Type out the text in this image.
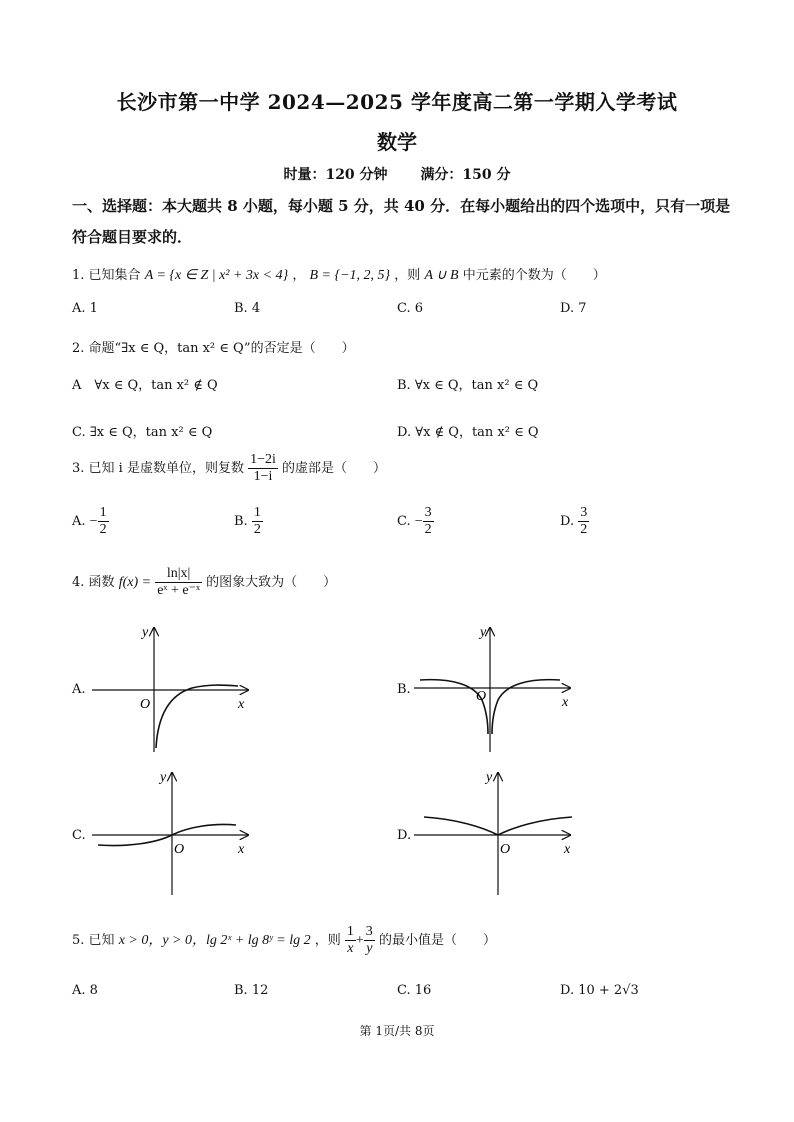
长沙市第一中学 2024—2025 学年度高二第一学期入学考试
数学
时量：120 分钟 满分：150 分
一、选择题：本大题共 8 小题，每小题 5 分，共 40 分．在每小题给出的四个选项中，只有一项是符合题目要求的．
1. 已知集合 A = {x ∈ Z | x² + 3x < 4} ， B = {−1, 2, 5} ，则 A ∪ B 中元素的个数为（　　）
A. 1	B. 4	C. 6	D. 7
2. 命题“∃x ∈ Q，tan x² ∈ Q”的否定是（　　）
A　∀x ∈ Q，tan x² ∉ Q	B. ∀x ∈ Q，tan x² ∈ Q
C. ∃x ∈ Q，tan x² ∈ Q	D. ∀x ∉ Q，tan x² ∈ Q
3. 已知 i 是虚数单位，则复数 $\frac{1-2i}{1-i}$ 的虚部是（　　）
A. − $\frac{1}{2}$	B. $\frac{1}{2}$	C. − $\frac{3}{2}$	D. $\frac{3}{2}$
4. 函数 $f(x) = \frac{\ln|x|}{\text{eˣ + e⁻ˣ}}$ 的图象大致为（　　）
A.	B.
C.	D.
y
x
O
y
x
O
y
x
O
y
x
O
5. 已知 x > 0，y > 0，lg 2ˣ + lg 8ʸ = lg 2 ，则 $\frac{1}{x} + \frac{3}{y}$ 的最小值是（　　）
A. 8	B. 12	C. 16	D. 10 + 2√3
第 1页/共 8页
